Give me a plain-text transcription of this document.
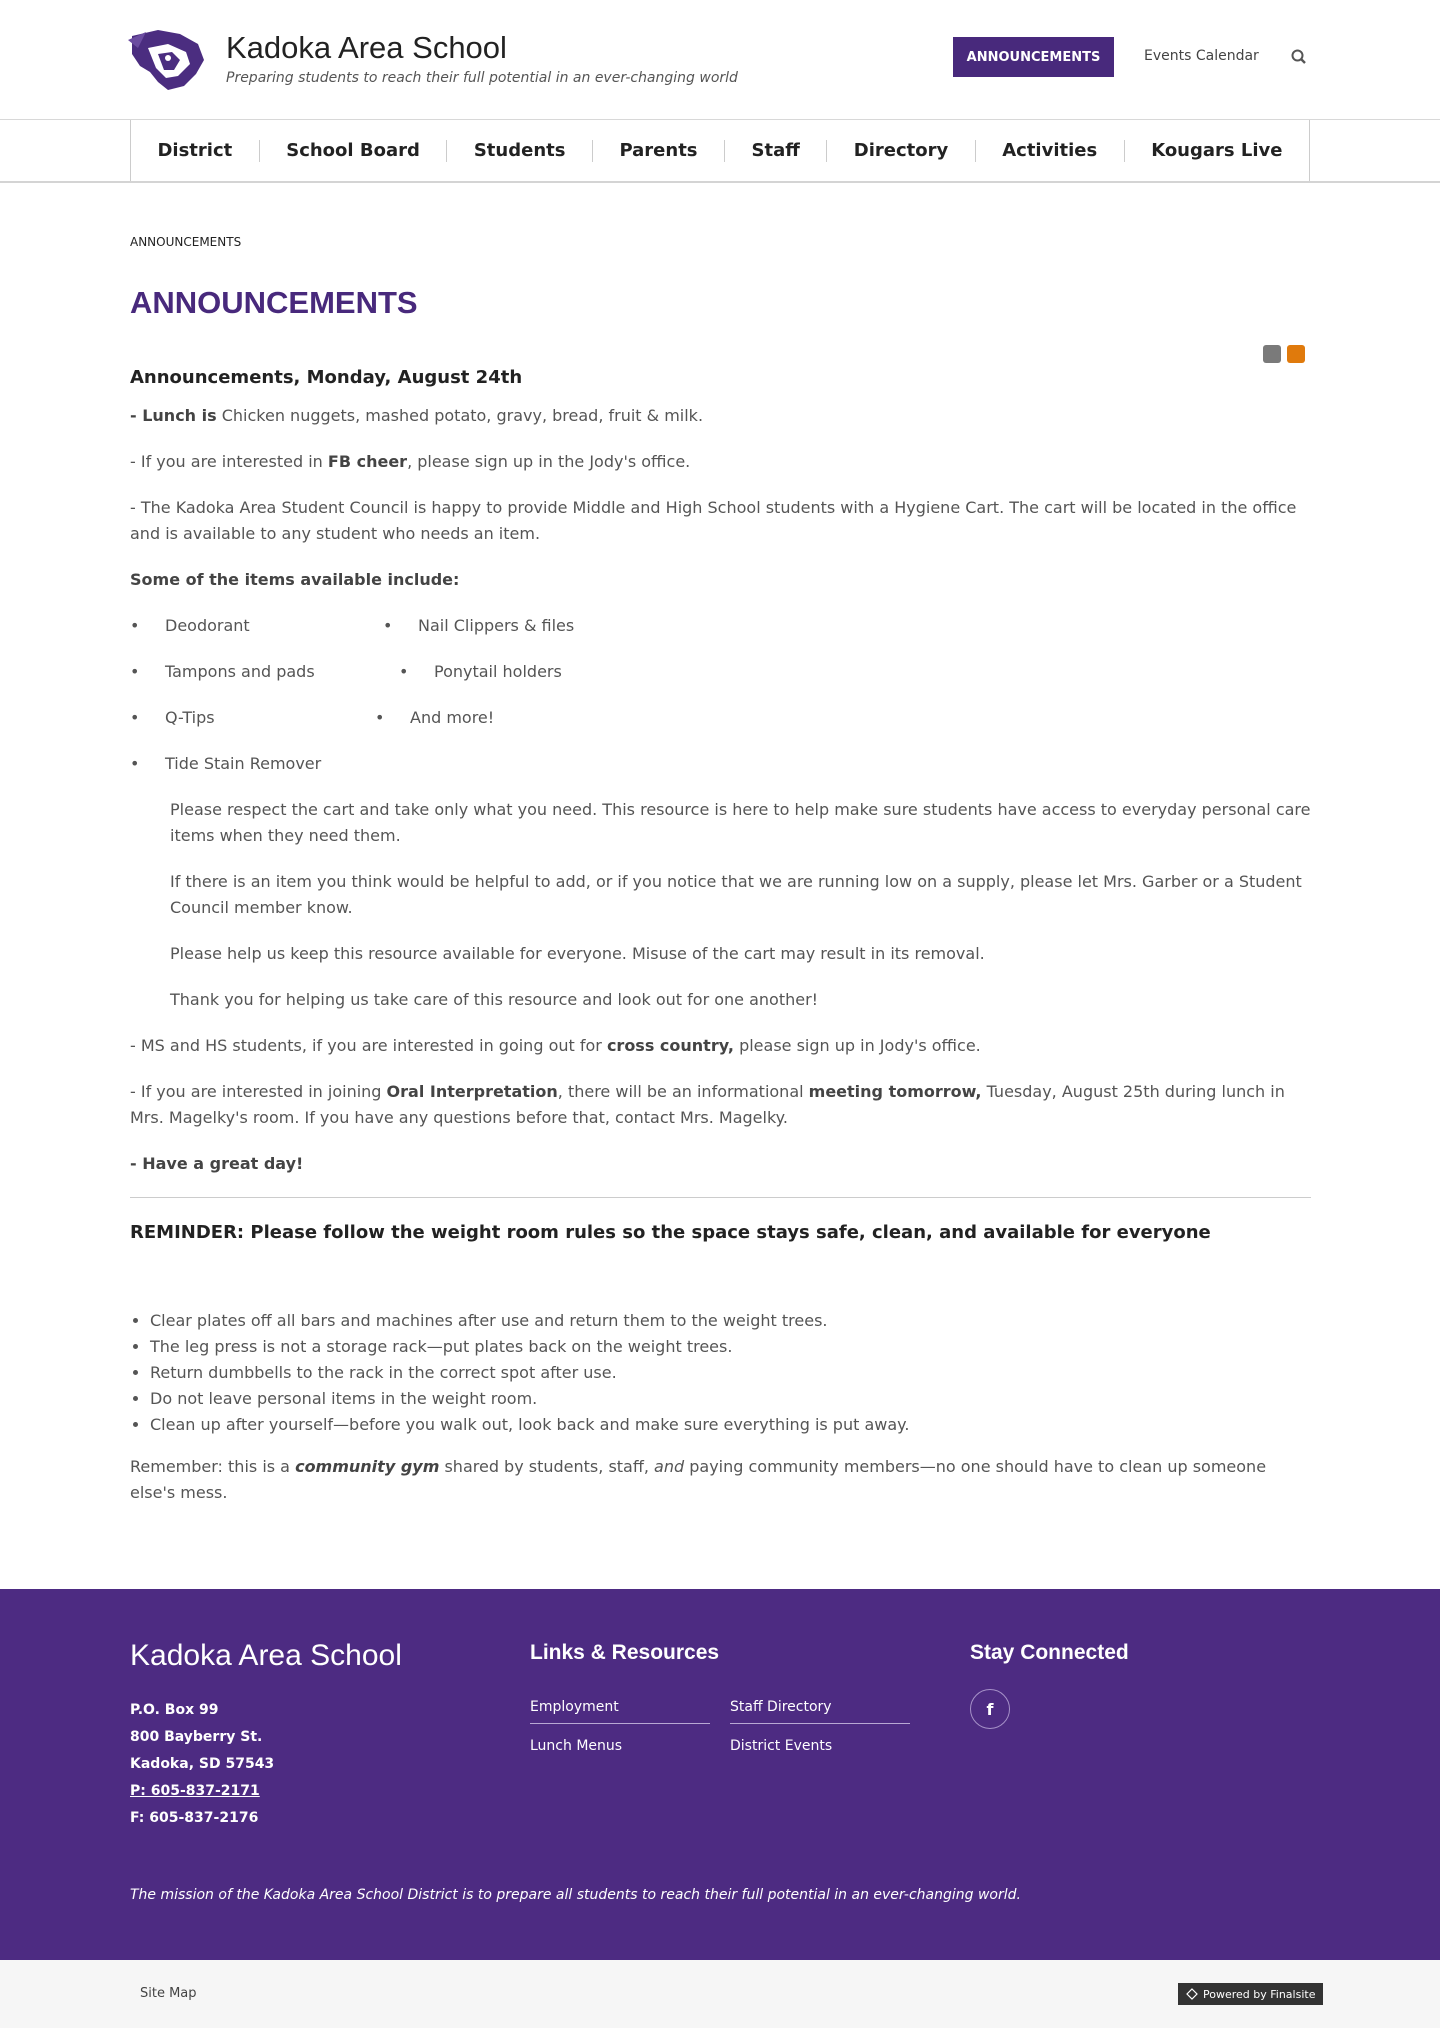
Kadoka Area School
Preparing students to reach their full potential in an ever-changing world
ANNOUNCEMENTS	Events Calendar
District	School Board	Students	Parents	Staff	Directory	Activities	Kougars Live
ANNOUNCEMENTS
ANNOUNCEMENTS
Announcements, Monday, August 24th

- Lunch is Chicken nuggets, mashed potato, gravy, bread, fruit & milk.

- If you are interested in FB cheer, please sign up in the Jody's office.

- The Kadoka Area Student Council is happy to provide Middle and High School students with a Hygiene Cart. The cart will be located in the office and is available to any student who needs an item.

Some of the items available include:

•	Deodorant	•	Nail Clippers & files
•	Tampons and pads	•	Ponytail holders
•	Q-Tips	•	And more!
•	Tide Stain Remover

Please respect the cart and take only what you need. This resource is here to help make sure students have access to everyday personal care items when they need them.

If there is an item you think would be helpful to add, or if you notice that we are running low on a supply, please let Mrs. Garber or a Student Council member know.

Please help us keep this resource available for everyone. Misuse of the cart may result in its removal.

Thank you for helping us take care of this resource and look out for one another!

- MS and HS students, if you are interested in going out for cross country, please sign up in Jody's office.

- If you are interested in joining Oral Interpretation, there will be an informational meeting tomorrow, Tuesday, August 25th during lunch in Mrs. Magelky's room. If you have any questions before that, contact Mrs. Magelky.

- Have a great day!

REMINDER: Please follow the weight room rules so the space stays safe, clean, and available for everyone
• Clear plates off all bars and machines after use and return them to the weight trees.
• The leg press is not a storage rack—put plates back on the weight trees.
• Return dumbbells to the rack in the correct spot after use.
• Do not leave personal items in the weight room.
• Clean up after yourself—before you walk out, look back and make sure everything is put away.

Remember: this is a community gym shared by students, staff, and paying community members—no one should have to clean up someone else's mess.

Kadoka Area School
P.O. Box 99
800 Bayberry St.
Kadoka, SD 57543
P: 605-837-2171
F: 605-837-2176
Links & Resources
Employment	Staff Directory
Lunch Menus	District Events
Stay Connected
f
The mission of the Kadoka Area School District is to prepare all students to reach their full potential in an ever-changing world.
Site Map	Powered by Finalsite
